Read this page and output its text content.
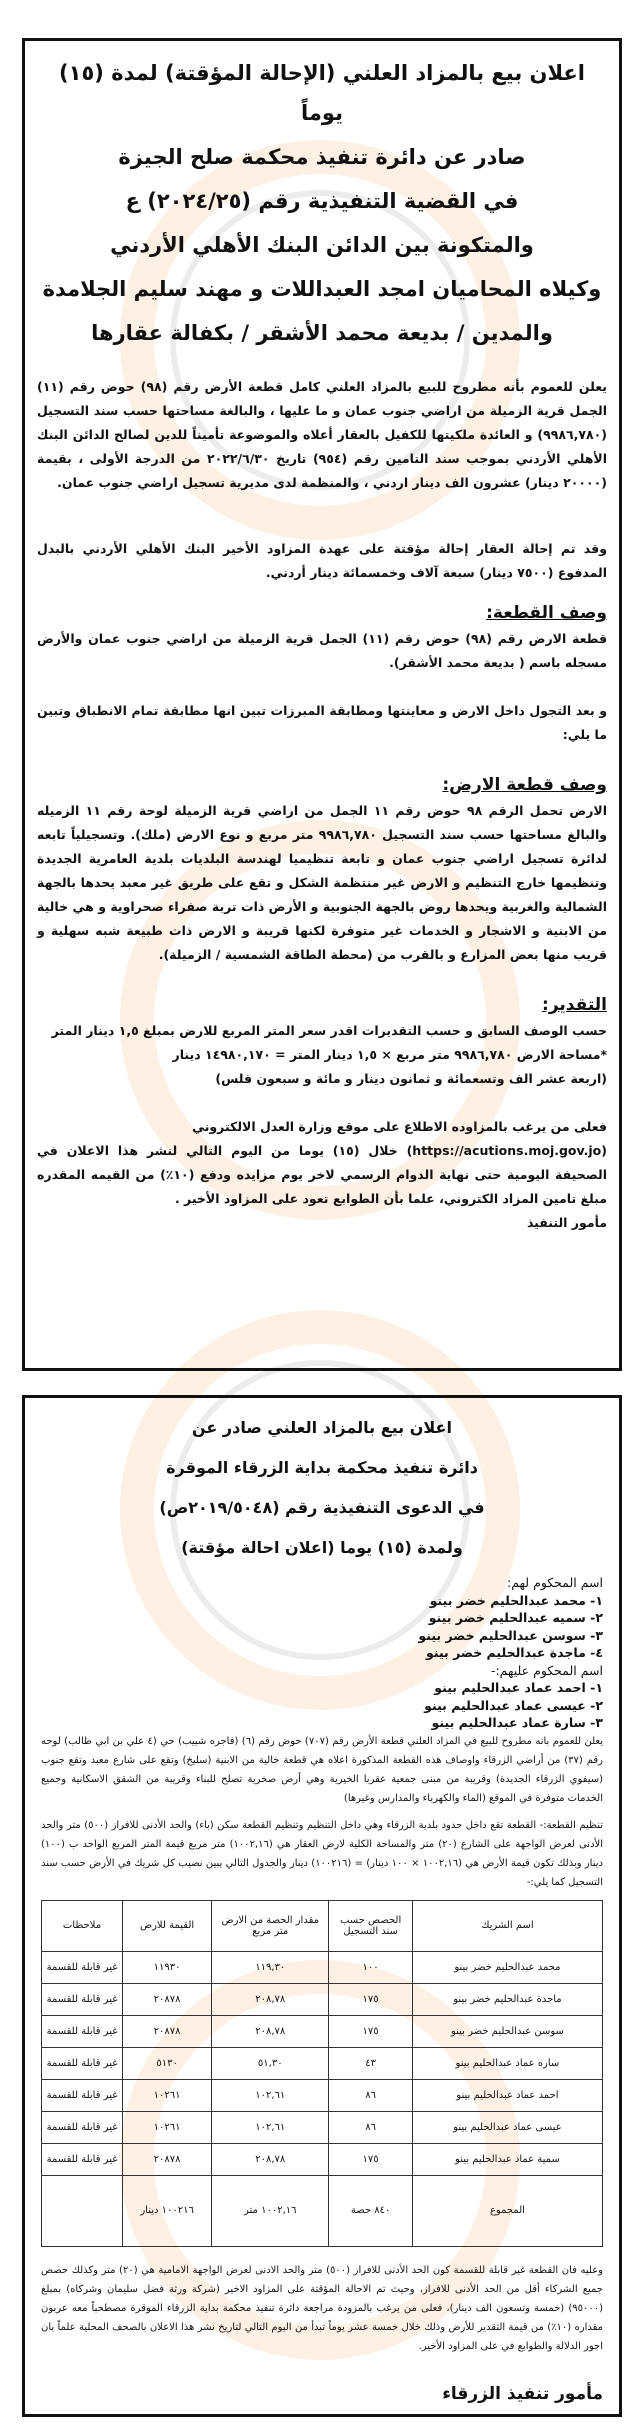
اعلان بيع بالمزاد العلني (الإحالة المؤقتة) لمدة (١٥) يوماً
صادر عن دائرة تنفيذ محكمة صلح الجيزة
في القضية التنفيذية رقم (٢٠٢٤/٢٥) ع
والمتكونة بين الدائن البنك الأهلي الأردني
وكيلاه المحاميان امجد العبداللات و مهند سليم الجلامدة
والمدين / بديعة محمد الأشقر / بكفالة عقارها

يعلن للعموم بأنه مطروح للبيع بالمزاد العلني كامل قطعة الأرض رقم (٩٨) حوض رقم (١١) الجمل قرية الزميلة من اراضي جنوب عمان و ما عليها ، والبالغة مساحتها حسب سند التسجيل (٩٩٨٦,٧٨٠) و العائدة ملكيتها للكفيل بالعقار أعلاه والموضوعة تأميناً للدين لصالح الدائن البنك الأهلي الأردني بموجب سند التامين رقم (٩٥٤) تاريخ ٢٠٢٢/٦/٣٠ من الدرجة الأولى ، بقيمة (٢٠٠٠٠ دينار) عشرون الف دينار اردني ، والمنظمة لدى مديرية تسجيل اراضي جنوب عمان.

وقد تم إحالة العقار إحالة مؤقتة على عهدة المزاود الأخير البنك الأهلي الأردني بالبدل المدفوع (٧٥٠٠ دينار) سبعة آلاف وخمسمائة دينار أردني.

وصف القطعة:

قطعة الارض رقم (٩٨) حوض رقم (١١) الجمل قرية الزميلة من اراضي جنوب عمان والأرض مسجله باسم ( بديعة محمد الأشقر).

و بعد التجول داخل الارض و معاينتها ومطابقة المبرزات تبين انها مطابقة تمام الانطباق وتبين ما يلي:

وصف قطعة الارض:

الارض تحمل الرقم ٩٨ حوض رقم ١١ الجمل من اراضي قرية الزميلة لوحة رقم ١١ الزميله والبالغ مساحتها حسب سند التسجيل ٩٩٨٦,٧٨٠ متر مربع و نوع الارض (ملك). وتسجيلياً تابعه لدائرة تسجيل اراضي جنوب عمان و تابعة تنظيميا لهندسة البلديات بلدية العامرية الجديدة وتنظيمها خارج التنظيم و الارض غير منتظمة الشكل و تقع على طريق غير معبد يحدها بالجهة الشمالية والغربية ويحدها روض بالجهة الجنوبية و الأرض ذات تربة صفراء صحراوية و هي خالية من الابنية و الاشجار و الخدمات غير متوفرة لكنها قريبة و الارض ذات طبيعة شبه سهلية و قريب منها بعض المزارع و بالقرب من (محطة الطاقة الشمسية / الزميلة).

التقدير:

حسب الوصف السابق و حسب التقديرات اقدر سعر المتر المربع للارض بمبلغ ١,٥ دينار المتر

*مساحة الارض ٩٩٨٦,٧٨٠ متر مربع × ١,٥ دينار المتر = ١٤٩٨٠,١٧٠ دينار

(اربعة عشر الف وتسعمائة و ثمانون دينار و مائة و سبعون فلس)

فعلى من يرغب بالمزاوده الاطلاع على موقع وزارة العدل الالكتروني

(https://acutions.moj.gov.jo) خلال (١٥) يوما من اليوم التالي لنشر هذا الاعلان في الصحيفة اليومية حتى نهاية الدوام الرسمي لاخر يوم مزايده ودفع (١٠٪) من القيمه المقدره مبلغ تامين المزاد الكتروني، علما بأن الطوابع تعود على المزاود الأخير .

مأمور التنفيذ

اعلان بيع بالمزاد العلني صادر عن
دائرة تنفيذ محكمة بداية الزرقاء الموقرة
في الدعوى التنفيذية رقم (٢٠١٩/٥٠٤٨ص)
ولمدة (١٥) يوما (اعلان احالة مؤقتة)

اسم المحكوم لهم:

١- محمد عبدالحليم خضر بينو

٢- سميه عبدالحليم خضر بينو

٣- سوسن عبدالحليم خضر بينو

٤- ماجدة عبدالحليم خضر بينو

اسم المحكوم عليهم:-

١- احمد عماد عبدالحليم بينو

٢- عيسى عماد عبدالحليم بينو

٣- سارة عماد عبدالحليم بينو

يعلن للعموم بانه مطروح للبيع في المزاد العلني قطعة الأرض رقم (٧٠٧) حوض رقم (٦) (فاجره شبيب) حي (٤ علي بن ابي طالب) لوحه رقم (٣٧) من أراضي الزرقاء واوصاف هذه القطعة المذكورة اعلاه هي قطعة خالية من الابنية (سليخ) وتقع على شارع معبد وتقع جنوب (سيفوي الزرقاء الجديدة) وقريبة من مبنى جمعية عقربا الخيرية وهي أرض صخرية تصلح للبناء وقريبة من الشقق الاسكانية وجميع الخدمات متوفرة في الموقع (الماء والكهرباء والمدارس وغيرها)

تنظيم القطعة:- القطعة تقع داخل حدود بلدية الزرقاء وهي داخل التنظيم وتنظيم القطعة سكن (باء) والحد الأدنى للافراز (٥٠٠) متر والحد الأدنى لعرض الواجهة على الشارع (٢٠) متر والمساحة الكلية لارض العقار هي (١٠٠٢,١٦) متر مربع قيمة المتر المربع الواحد ب (١٠٠) دينار وبذلك تكون قيمة الأرض هي (١٠٠٢,١٦ × ١٠٠ دينار) = (١٠٠٢١٦) دينار والجدول التالي يبين نصيب كل شريك في الأرض حسب سند التسجيل كما يلي:-

اسم الشريك	الحصص حسب سند التسجيل	مقدار الحصة من الارض متر مربع	القيمة للارض	ملاحظات
محمد عبدالحليم خضر بينو	١٠٠	١١٩,٣٠	١١٩٣٠	غير قابلة للقسمة
ماجدة عبدالحليم خضر بينو	١٧٥	٢٠٨,٧٨	٢٠٨٧٨	غير قابلة للقسمة
سوسن عبدالحليم خضر بينو	١٧٥	٢٠٨,٧٨	٢٠٨٧٨	غير قابلة للقسمة
ساره عماد عبدالحليم بينو	٤٣	٥١,٣٠	٥١٣٠	غير قابلة للقسمة
احمد عماد عبدالحليم بينو	٨٦	١٠٢,٦١	١٠٢٦١	غير قابلة للقسمة
عيسى عماد عبدالحليم بينو	٨٦	١٠٢,٦١	١٠٢٦١	غير قابلة للقسمة
سمية عماد عبدالحليم بينو	١٧٥	٢٠٨,٧٨	٢٠٨٧٨	غير قابلة للقسمة
المجموع	٨٤٠ حصة	١٠٠٢,١٦ متر	١٠٠٢١٦ دينار	

وعليه فان القطعة غير قابلة للقسمة كون الحد الأدنى للافراز (٥٠٠) متر والحد الادنى لعرض الواجهة الامامية هي (٢٠) متر وكذلك حصص جميع الشركاء أقل من الحد الأدنى للافراز، وحيث تم الاحالة المؤقتة على المزاود الاخير (شركة ورثة فضل سليمان وشركاه) بمبلغ (٩٥٠٠٠) (خمسة وتسعون الف دينار)، فعلى من يرغب بالمزودة مراجعة دائرة تنفيذ محكمة بداية الزرقاء الموقرة مصطحباً معه عربون مقداره (١٠٪) من قيمة التقدير للأرض وذلك خلال خمسة عشر يوماً تبدأ من اليوم التالي لتاريخ نشر هذا الاعلان بالصحف المحلية علماً بان اجور الدلالة والطوابع في على المزاود الأخير.

مأمور تنفيذ الزرقاء
